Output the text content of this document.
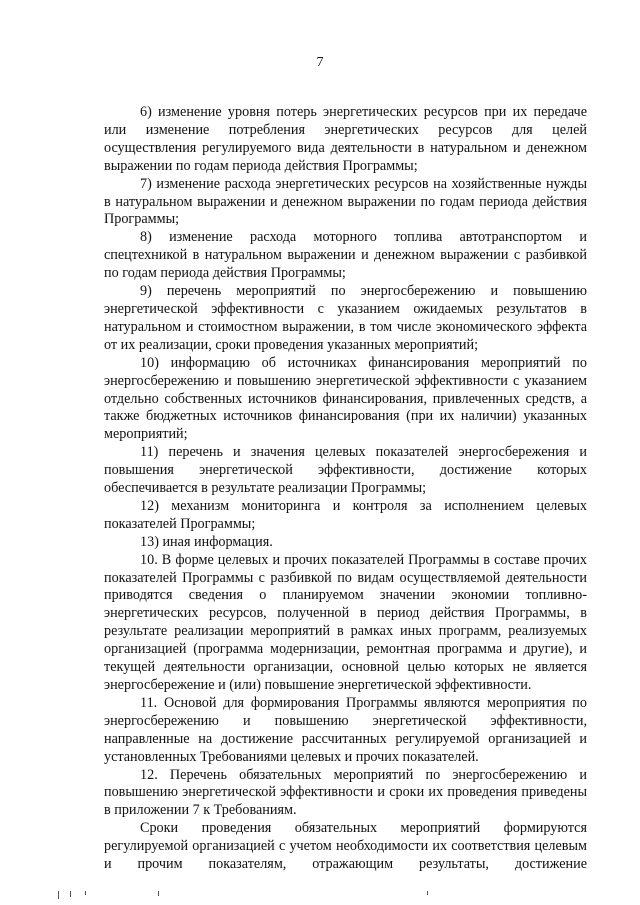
7

6) изменение уровня потерь энергетических ресурсов при их передаче или изменение потребления энергетических ресурсов для целей осуществления регулируемого вида деятельности в натуральном и денежном выражении по годам периода действия Программы;

7) изменение расхода энергетических ресурсов на хозяйственные нужды в натуральном выражении и денежном выражении по годам периода действия Программы;

8) изменение расхода моторного топлива автотранспортом и спецтехникой в натуральном выражении и денежном выражении с разбивкой по годам периода действия Программы;

9) перечень мероприятий по энергосбережению и повышению энергетической эффективности с указанием ожидаемых результатов в натуральном и стоимостном выражении, в том числе экономического эффекта от их реализации, сроки проведения указанных мероприятий;

10) информацию об источниках финансирования мероприятий по энергосбережению и повышению энергетической эффективности с указанием отдельно собственных источников финансирования, привлеченных средств, а также бюджетных источников финансирования (при их наличии) указанных мероприятий;

11) перечень и значения целевых показателей энергосбережения и повышения энергетической эффективности, достижение которых обеспечивается в результате реализации Программы;

12) механизм мониторинга и контроля за исполнением целевых показателей Программы;

13) иная информация.

10. В форме целевых и прочих показателей Программы в составе прочих показателей Программы с разбивкой по видам осуществляемой деятельности приводятся сведения о планируемом значении экономии топливно-энергетических ресурсов, полученной в период действия Программы, в результате реализации мероприятий в рамках иных программ, реализуемых организацией (программа модернизации, ремонтная программа и другие), и текущей деятельности организации, основной целью которых не является энергосбережение и (или) повышение энергетической эффективности.

11. Основой для формирования Программы являются мероприятия по энергосбережению и повышению энергетической эффективности, направленные на достижение рассчитанных регулируемой организацией и установленных Требованиями целевых и прочих показателей.

12. Перечень обязательных мероприятий по энергосбережению и повышению энергетической эффективности и сроки их проведения приведены в приложении 7 к Требованиям.

Сроки проведения обязательных мероприятий формируются регулируемой организацией с учетом необходимости их соответствия целевым и прочим показателям, отражающим результаты, достижение
